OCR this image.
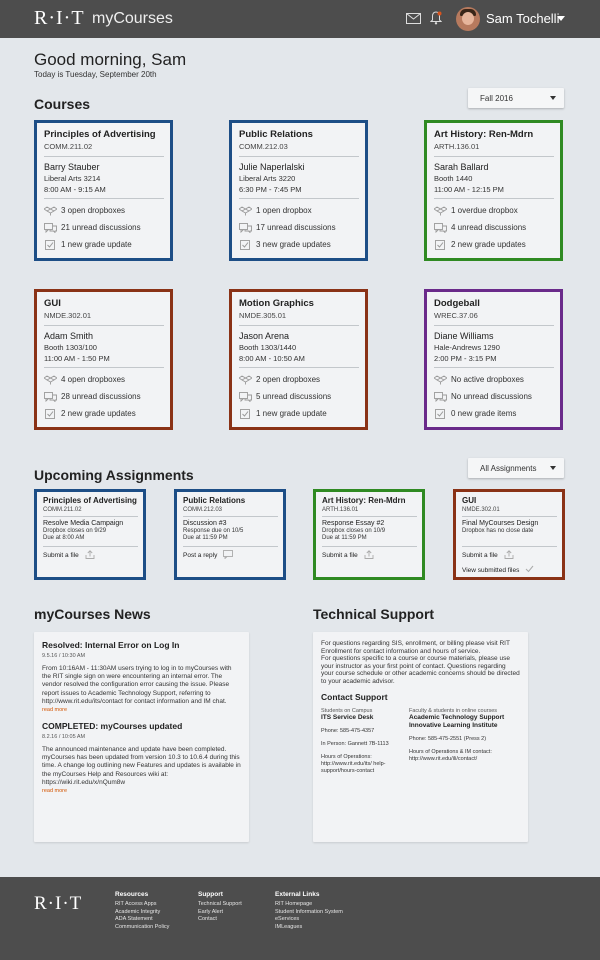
R·I·T myCourses	Sam Tochelli
Good morning, Sam
Today is Tuesday, September 20th
Courses	Fall 2016
Principles of Advertising
COMM.211.02
Barry Stauber
Liberal Arts 3214
8:00 AM - 9:15 AM
3 open dropboxes
21 unread discussions
1 new grade update
Public Relations
COMM.212.03
Julie Naperlalski
Liberal Arts 3220
6:30 PM - 7:45 PM
1 open dropbox
17 unread discussions
3 new grade updates
Art History: Ren-Mdrn
ARTH.136.01
Sarah Ballard
Booth 1440
11:00 AM - 12:15 PM
1 overdue dropbox
4 unread discussions
2 new grade updates
GUI
NMDE.302.01
Adam Smith
Booth 1303/100
11:00 AM - 1:50 PM
4 open dropboxes
28 unread discussions
2 new grade updates
Motion Graphics
NMDE.305.01
Jason Arena
Booth 1303/1440
8:00 AM - 10:50 AM
2 open dropboxes
5 unread discussions
1 new grade update
Dodgeball
WREC.37.06
Diane Williams
Hale-Andrews 1290
2:00 PM - 3:15 PM
No active dropboxes
No unread discussions
0 new grade items
Upcoming Assignments	All Assignments
Principles of Advertising
COMM.211.02
Resolve Media Campaign
Dropbox closes on 9/29
Due at 8:00 AM
Submit a file
Public Relations
COMM.212.03
Discussion #3
Response due on 10/5
Due at 11:59 PM
Post a reply
Art History: Ren-Mdrn
ARTH.136.01
Response Essay #2
Dropbox closes on 10/9
Due at 11:59 PM
Submit a file
GUI
NMDE.302.01
Final MyCourses Design
Dropbox has no close date
Submit a file
View submitted files
myCourses News
Resolved: Internal Error on Log In
9.5.16 / 10:30 AM
From 10:16AM - 11:30AM users trying to log in to myCourses with the RIT single sign on were encountering an internal error. The vendor resolved the configuration error causing the issue. Please report issues to Academic Technology Support, referring to http://www.rit.edu/its/contact for contact information and IM chat.
read more
COMPLETED: myCourses updated
8.2.16 / 10:05 AM
The announced maintenance and update have been completed. myCourses has been updated from version 10.3 to 10.6.4 during this time. A change log outlining new Features and updates is available in the myCourses Help and Resources wiki at: https://wiki.rit.edu/x/nQum8w
read more
Technical Support
For questions regarding SIS, enrollment, or billing please visit RIT Enrollment for contact information and hours of service.
For questions specific to a course or course materials, please use your instructor as your first point of contact. Questions regarding your course schedule or other academic concerns should be directed to your academic advisor.
Contact Support
Students on Campus
ITS Service Desk
Phone: 585-475-4357
In Person: Gannett 7B-1113
Hours of Operations:
http://www.rit.edu/its/ help-support/hours-contact
Faculty & students in online courses
Academic Technology Support Innovative Learning Institute
Phone: 585-475-2551 (Press 2)
Hours of Operations & IM contact:
http://www.rit.edu/ili/contact/
R·I·T	Resources
RIT Access Apps
Academic Integrity
ADA Statement
Communication Policy
Support
Technical Support
Early Alert
Contact
External Links
RIT Homepage
Student Information System
eServices
IMLeagues
